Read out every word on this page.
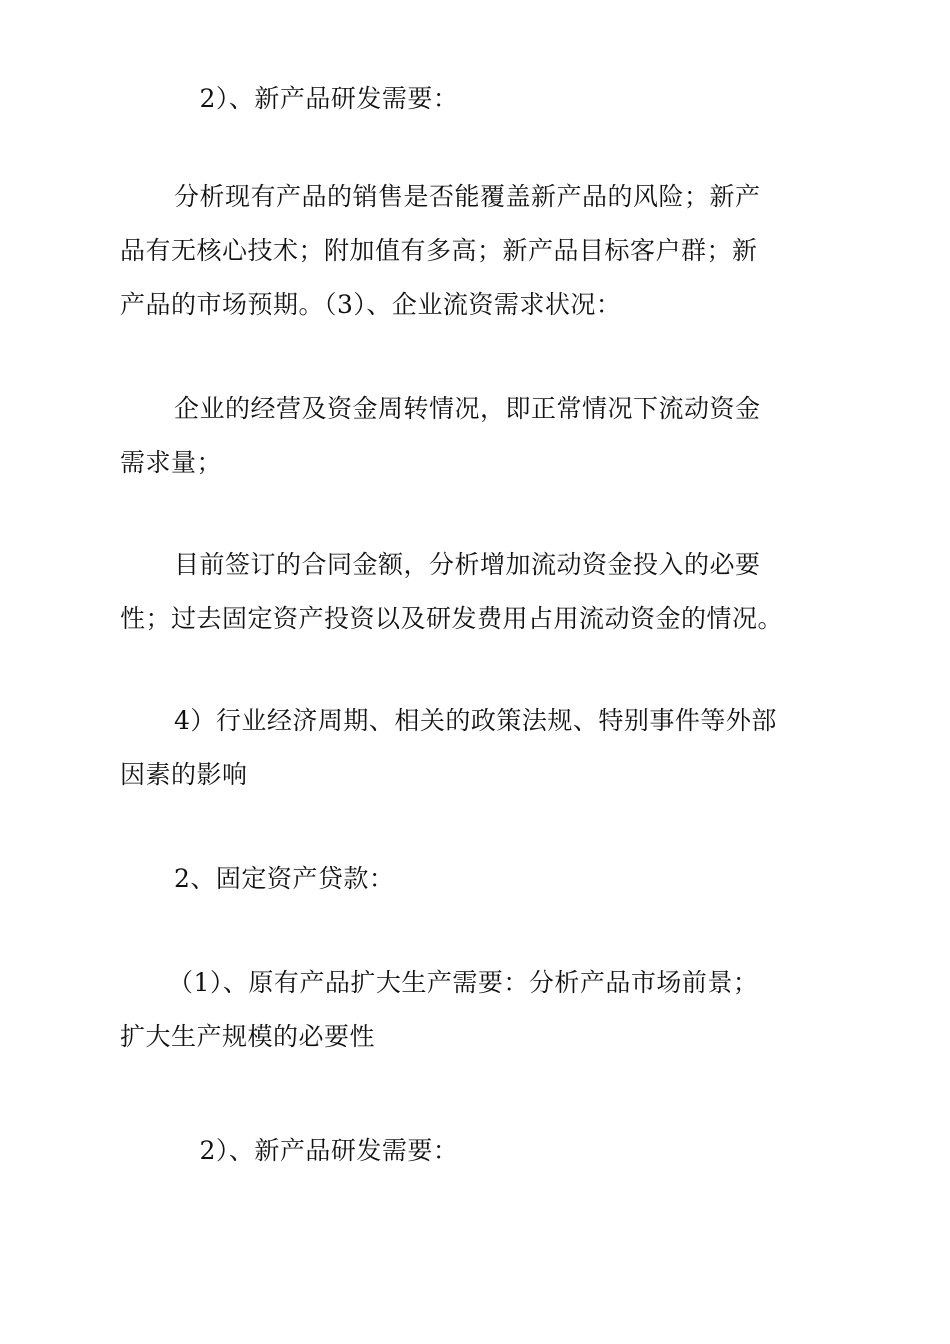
　2）、新产品研发需要：

分析现有产品的销售是否能覆盖新产品的风险；新产
品有无核心技术；附加值有多高；新产品目标客户群；新
产品的市场预期。（3）、企业流资需求状况：

企业的经营及资金周转情况，即正常情况下流动资金
需求量；

目前签订的合同金额，分析增加流动资金投入的必要
性；过去固定资产投资以及研发费用占用流动资金的情况。

4）行业经济周期、相关的政策法规、特别事件等外部
因素的影响

2、固定资产贷款：

（1）、原有产品扩大生产需要：分析产品市场前景；
扩大生产规模的必要性

　2）、新产品研发需要：
